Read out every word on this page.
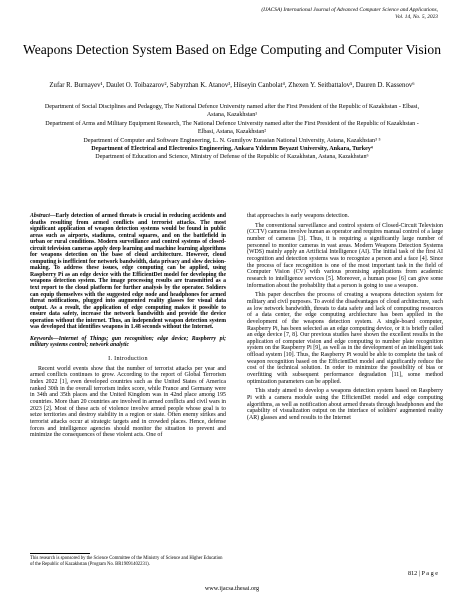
(IJACSA) International Journal of Advanced Computer Science and Applications,
Vol. 14, No. 5, 2023
Weapons Detection System Based on Edge Computing and Computer Vision
Zufar R. Burnayev¹, Daulet O. Toibazarov², Sabyrzhan K. Atanov³, Hüseyin Canbolat⁴, Zhexen Y. Seitbattalov⁵, Dauren D. Kassenov⁶
Department of Social Disciplines and Pedagogy, The National Defence University named after the First President of the Republic of Kazakhstan - Elbasi, Astana, Kazakhstan¹
Department of Arms and Military Equipment Research, The National Defence University named after the First President of the Republic of Kazakhstan - Elbasi, Astana, Kazakhstan²
Department of Computer and Software Engineering, L. N. Gumilyov Eurasian National University, Astana, Kazakhstan³ ⁵
Department of Electrical and Electronics Engineering, Ankara Yıldırım Beyazıt University, Ankara, Turkey⁴
Department of Education and Science, Ministry of Defense of the Republic of Kazakhstan, Astana, Kazakhstan⁶
Abstract—Early detection of armed threats is crucial in reducing accidents and deaths resulting from armed conflicts and terrorist attacks. The most significant application of weapon detection systems would be found in public areas such as airports, stadiums, central squares, and on the battlefield in urban or rural conditions. Modern surveillance and control systems of closed-circuit television cameras apply deep learning and machine learning algorithms for weapons detection on the base of cloud architecture. However, cloud computing is inefficient for network bandwidth, data privacy and slow decision-making. To address these issues, edge computing can be applied, using Raspberry Pi as an edge device with the EfficientDet model for developing the weapons detection system. The image processing results are transmitted as a text report to the cloud platform for further analysis by the operator. Soldiers can equip themselves with the suggested edge node and headphones for armed threat notifications, plugged into augmented reality glasses for visual data output. As a result, the application of edge computing makes it possible to ensure data safety, increase the network bandwidth and provide the device operation without the internet. Thus, an independent weapon detection system was developed that identifies weapons in 1.48 seconds without the Internet.
Keywords—Internet of Things; gun recognition; edge device; Raspberry pi; military systems control; network analytic
I. Introduction

Recent world events show that the number of terrorist attacks per year and armed conflicts continues to grow. According to the report of Global Terrorism Index 2022 [1], even developed countries such as the United States of America ranked 30th in the overall terrorism index score, while France and Germany were in 34th and 35th places and the United Kingdom was in 42nd place among 195 countries. More than 20 countries are involved in armed conflicts and civil wars in 2023 [2]. Most of these acts of violence involve armed people whose goal is to seize territories and destroy stability in a region or state. Often enemy strikes and terrorist attacks occur at strategic targets and in crowded places. Hence, defense forces and intelligence agencies should monitor the situation to prevent and minimize the consequences of these violent acts. One of

that approaches is early weapons detection.

The conventional surveillance and control system of Closed-Circuit Television (CCTV) cameras involve human as operator and requires manual control of a large number of cameras [3]. Thus, it is requiring a significantly large number of personnel to monitor cameras in vast areas. Modern Weapons Detection Systems (WDS) mainly apply an Artificial Intelligence (AI). The initial task of the first AI recognition and detection systems was to recognize a person and a face [4]. Since the process of face recognition is one of the most important task in the field of Computer Vision (CV) with various promising applications from academic research to intelligence services [5]. Moreover, a human pose [6] can give some information about the probability that a person is going to use a weapon.

This paper describes the process of creating a weapons detection system for military and civil purposes. To avoid the disadvantages of cloud architecture, such as low network bandwidth, threats to data safety and lack of computing resources of a data center, the edge computing architecture has been applied in the development of the weapons detection system. A single-board computer, Raspberry Pi, has been selected as an edge computing device, or it is briefly called an edge device [7, 8]. Our previous studies have shown the excellent results in the application of computer vision and edge computing to number plate recognition system on the Raspberry Pi [9], as well as in the development of an intelligent task offload system [10]. Thus, the Raspberry Pi would be able to complete the task of weapon recognition based on the EfficientDet model and significantly reduce the cost of the technical solution. In order to minimize the possibility of bias or overfitting with subsequent performance degradation [11], some method optimization parameters can be applied.

This study aimed to develop a weapons detection system based on Raspberry Pi with a camera module using the EfficientDet model and edge computing algorithms, as well as notification about armed threats through headphones and the capability of visualization output on the interface of soldiers' augmented reality (AR) glasses and send results to the Internet

This research is sponsored by the Science Committee of the Ministry of Science and Higher Education of the Republic of Kazakhstan (Program No. BR19091402231).
812 | P a g e
www.ijacsa.thesai.org
